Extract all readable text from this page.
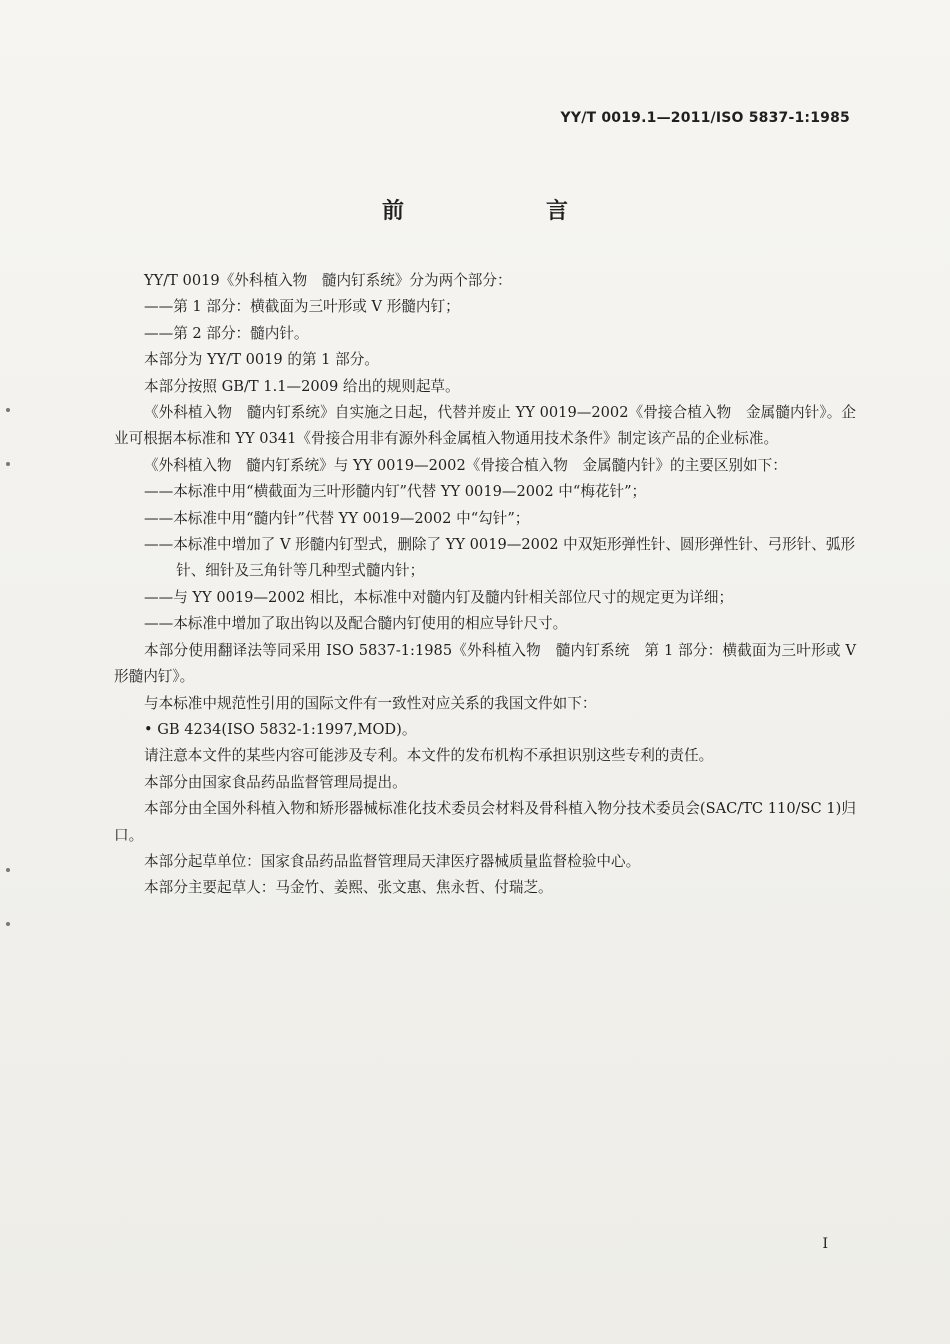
YY/T 0019.1—2011/ISO 5837-1:1985
前　言

YY/T 0019《外科植入物　髓内钉系统》分为两个部分：

——第 1 部分：横截面为三叶形或 V 形髓内钉；

——第 2 部分：髓内针。

本部分为 YY/T 0019 的第 1 部分。

本部分按照 GB/T 1.1—2009 给出的规则起草。

《外科植入物　髓内钉系统》自实施之日起，代替并废止 YY 0019—2002《骨接合植入物　金属髓内针》。企业可根据本标准和 YY 0341《骨接合用非有源外科金属植入物通用技术条件》制定该产品的企业标准。

《外科植入物　髓内钉系统》与 YY 0019—2002《骨接合植入物　金属髓内针》的主要区别如下：

——本标准中用“横截面为三叶形髓内钉”代替 YY 0019—2002 中“梅花针”；

——本标准中用“髓内针”代替 YY 0019—2002 中“勾针”；

——本标准中增加了 V 形髓内钉型式，删除了 YY 0019—2002 中双矩形弹性针、圆形弹性针、弓形针、弧形针、细针及三角针等几种型式髓内针；

——与 YY 0019—2002 相比，本标准中对髓内钉及髓内针相关部位尺寸的规定更为详细；

——本标准中增加了取出钩以及配合髓内钉使用的相应导针尺寸。

本部分使用翻译法等同采用 ISO 5837-1:1985《外科植入物　髓内钉系统　第 1 部分：横截面为三叶形或 V 形髓内钉》。

与本标准中规范性引用的国际文件有一致性对应关系的我国文件如下：

• GB 4234(ISO 5832-1:1997,MOD)。

请注意本文件的某些内容可能涉及专利。本文件的发布机构不承担识别这些专利的责任。

本部分由国家食品药品监督管理局提出。

本部分由全国外科植入物和矫形器械标准化技术委员会材料及骨科植入物分技术委员会(SAC/TC 110/SC 1)归口。

本部分起草单位：国家食品药品监督管理局天津医疗器械质量监督检验中心。

本部分主要起草人：马金竹、姜熙、张文惠、焦永哲、付瑞芝。

I
